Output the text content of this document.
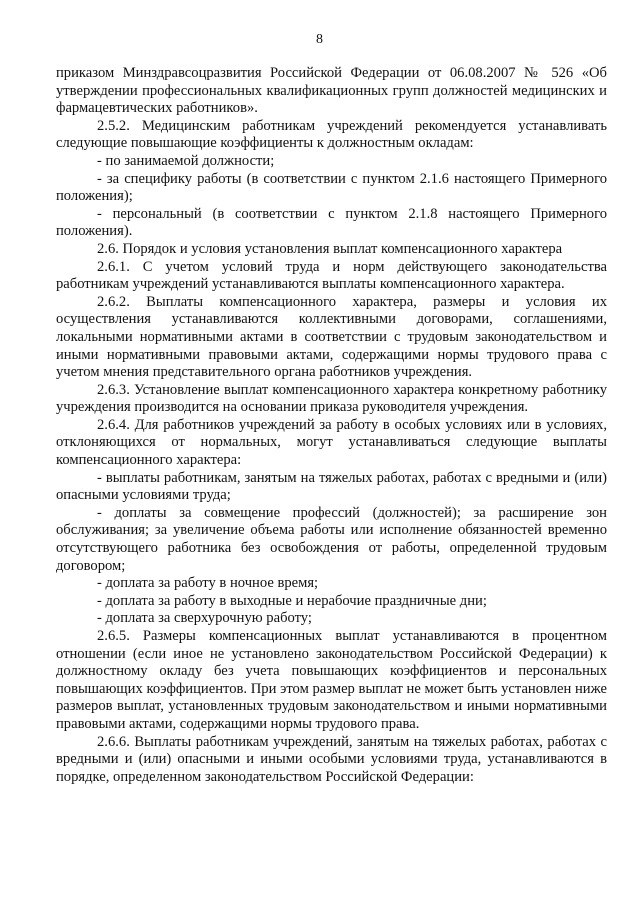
8

приказом Минздравсоцразвития Российской Федерации от 06.08.2007 № 526 «Об утверждении профессиональных квалификационных групп должностей медицинских и фармацевтических работников».

2.5.2. Медицинским работникам учреждений рекомендуется устанавливать следующие повышающие коэффициенты к должностным окладам:

- по занимаемой должности;

- за специфику работы (в соответствии с пунктом 2.1.6 настоящего Примерного положения);

- персональный (в соответствии с пунктом 2.1.8 настоящего Примерного положения).

2.6. Порядок и условия установления выплат компенсационного характера

2.6.1. С учетом условий труда и норм действующего законодательства работникам учреждений устанавливаются выплаты компенсационного характера.

2.6.2. Выплаты компенсационного характера, размеры и условия их осуществления устанавливаются коллективными договорами, соглашениями, локальными нормативными актами в соответствии с трудовым законодательством и иными нормативными правовыми актами, содержащими нормы трудового права с учетом мнения представительного органа работников учреждения.

2.6.3. Установление выплат компенсационного характера конкретному работнику учреждения производится на основании приказа руководителя учреждения.

2.6.4. Для работников учреждений за работу в особых условиях или в условиях, отклоняющихся от нормальных, могут устанавливаться следующие выплаты компенсационного характера:

- выплаты работникам, занятым на тяжелых работах, работах с вредными и (или) опасными условиями труда;

- доплаты за совмещение профессий (должностей); за расширение зон обслуживания; за увеличение объема работы или исполнение обязанностей временно отсутствующего работника без освобождения от работы, определенной трудовым договором;

- доплата за работу в ночное время;

- доплата за работу в выходные и нерабочие праздничные дни;

- доплата за сверхурочную работу;

2.6.5. Размеры компенсационных выплат устанавливаются в процентном отношении (если иное не установлено законодательством Российской Федерации) к должностному окладу без учета повышающих коэффициентов и персональных повышающих коэффициентов. При этом размер выплат не может быть установлен ниже размеров выплат, установленных трудовым законодательством и иными нормативными правовыми актами, содержащими нормы трудового права.

2.6.6. Выплаты работникам учреждений, занятым на тяжелых работах, работах с вредными и (или) опасными и иными особыми условиями труда, устанавливаются в порядке, определенном законодательством Российской Федерации:
